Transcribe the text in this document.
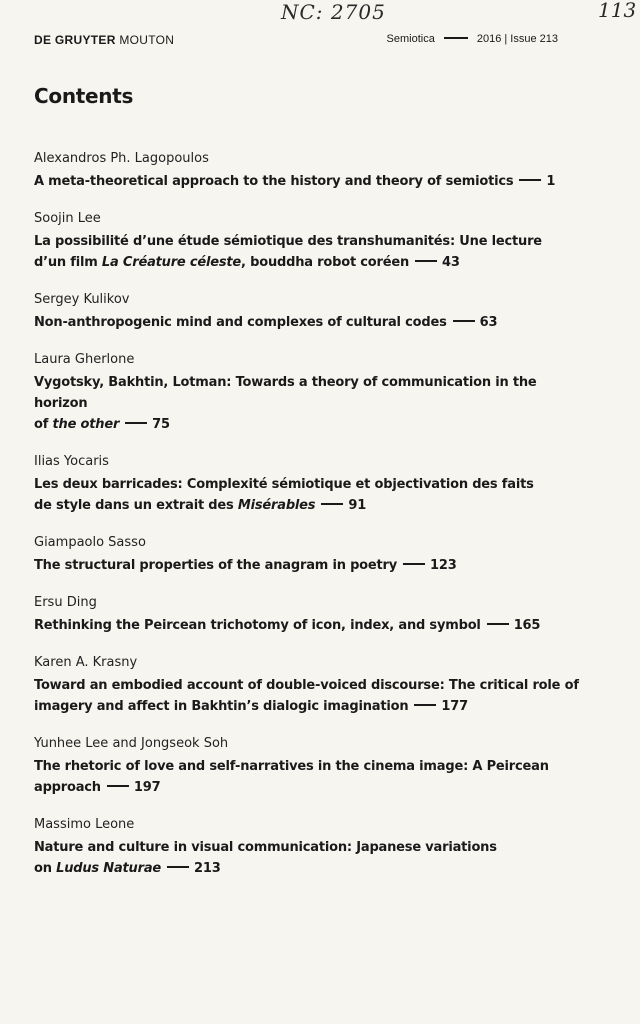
NC: 2705	113
DE GRUYTER MOUTON	Semiotica	2016 | Issue 213
Contents
Alexandros Ph. Lagopoulos
A meta-theoretical approach to the history and theory of semiotics	1
Soojin Lee
La possibilité d’une étude sémiotique des transhumanités: Une lecture
d’un film La Créature céleste, bouddha robot coréen	43
Sergey Kulikov
Non-anthropogenic mind and complexes of cultural codes	63
Laura Gherlone
Vygotsky, Bakhtin, Lotman: Towards a theory of communication in the horizon
of the other	75
Ilias Yocaris
Les deux barricades: Complexité sémiotique et objectivation des faits
de style dans un extrait des Misérables	91
Giampaolo Sasso
The structural properties of the anagram in poetry	123
Ersu Ding
Rethinking the Peircean trichotomy of icon, index, and symbol	165
Karen A. Krasny
Toward an embodied account of double-voiced discourse: The critical role of
imagery and affect in Bakhtin’s dialogic imagination	177
Yunhee Lee and Jongseok Soh
The rhetoric of love and self-narratives in the cinema image: A Peircean
approach	197
Massimo Leone
Nature and culture in visual communication: Japanese variations
on Ludus Naturae	213
